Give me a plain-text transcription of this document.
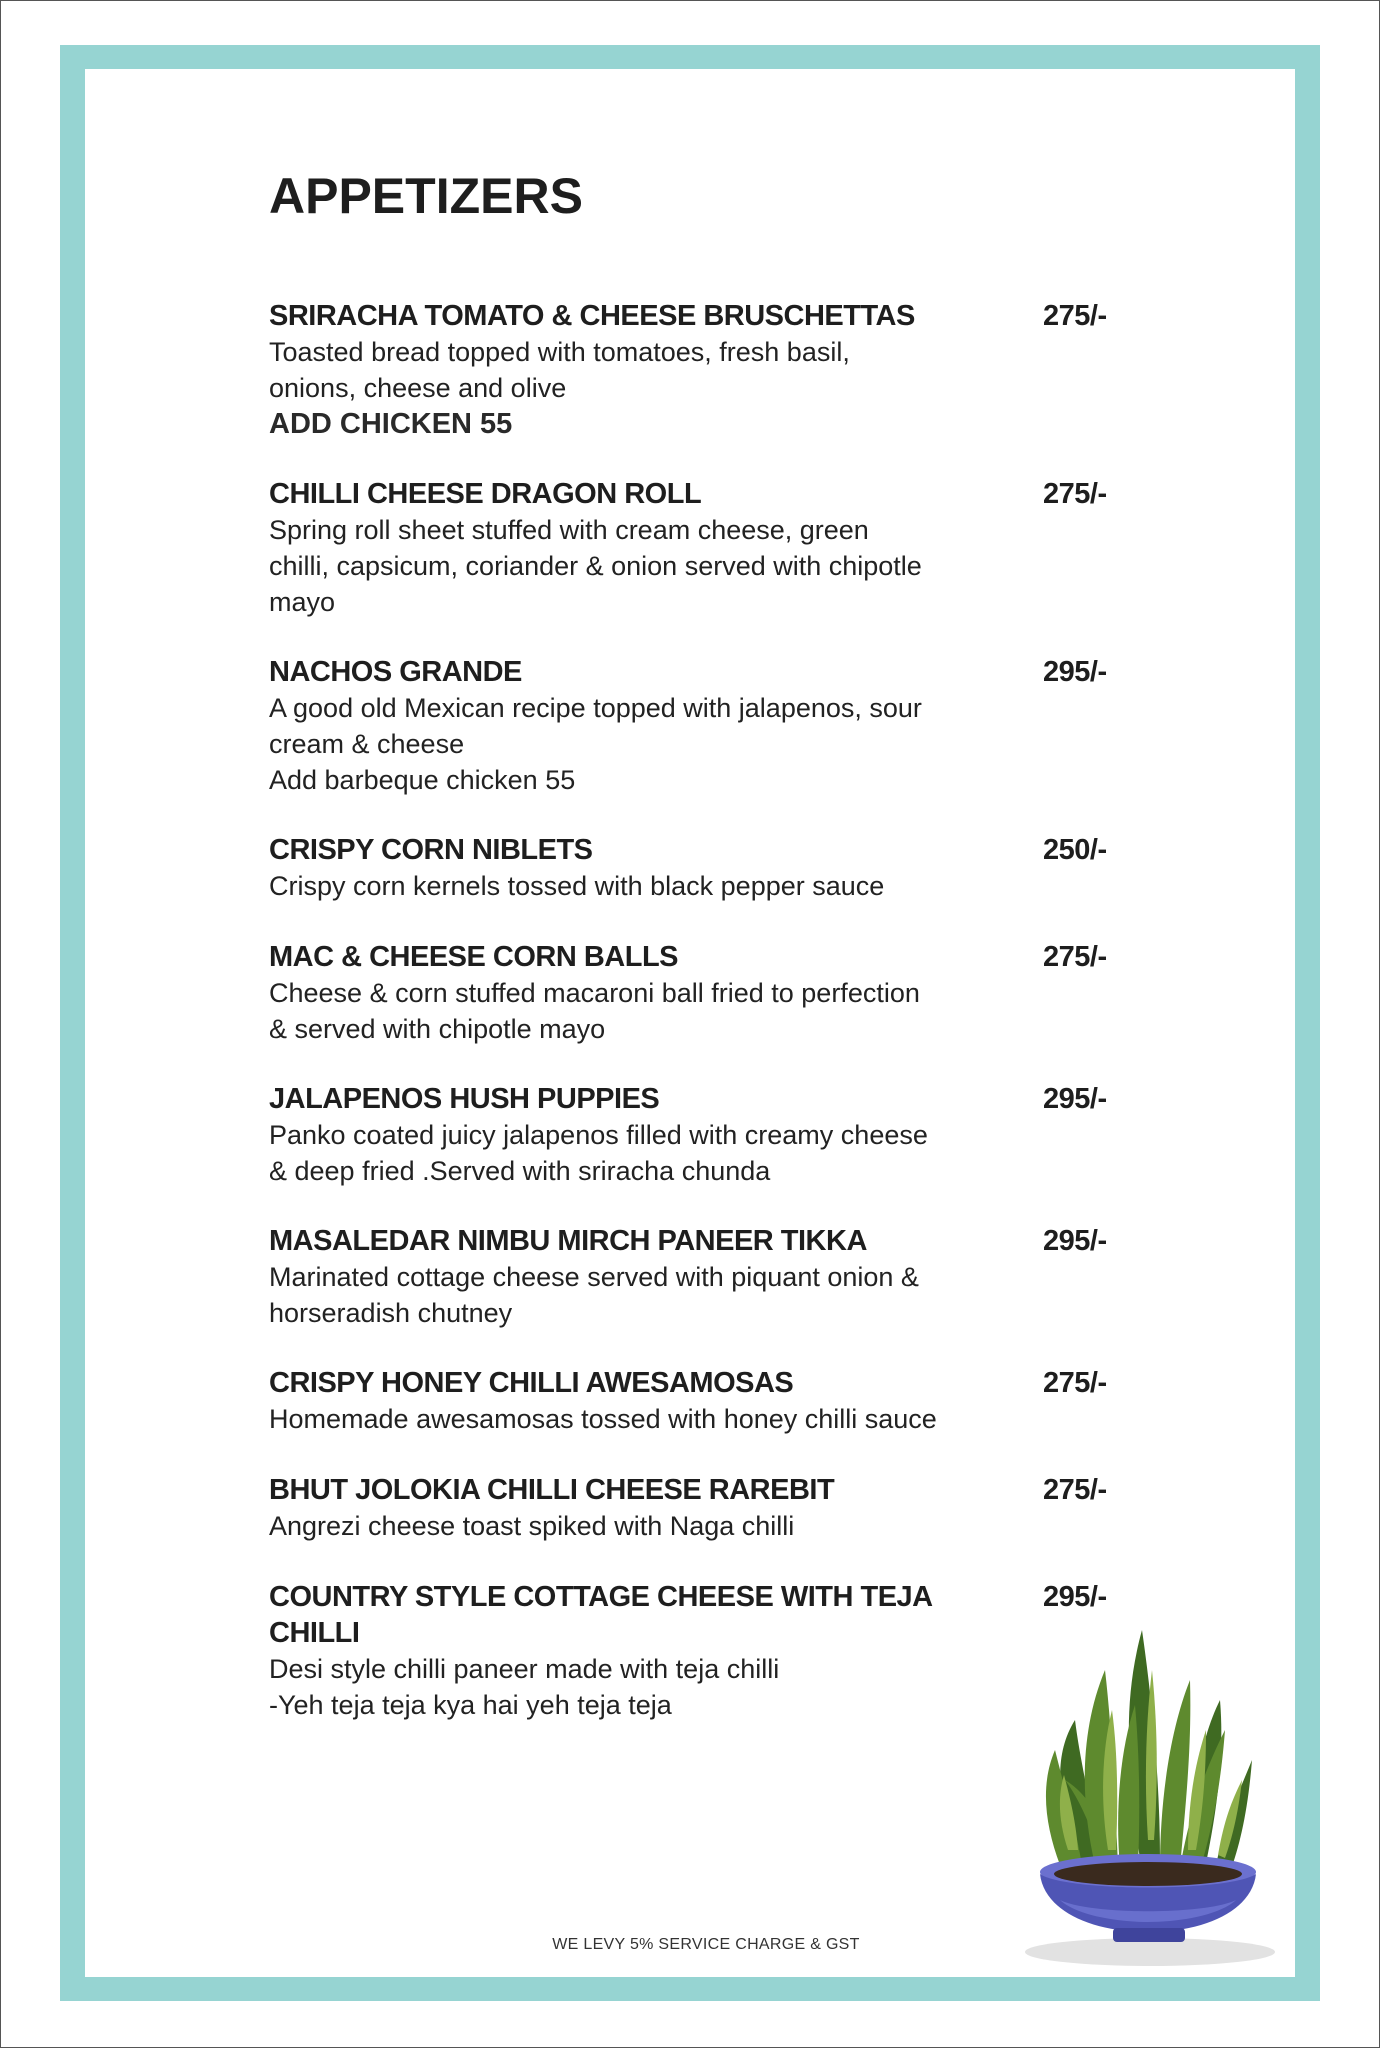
APPETIZERS
SRIRACHA TOMATO & CHEESE BRUSCHETTAS	275/-
Toasted bread topped with tomatoes, fresh basil,
onions, cheese and olive
ADD CHICKEN 55
CHILLI CHEESE DRAGON ROLL	275/-
Spring roll sheet stuffed with cream cheese, green
chilli, capsicum, coriander & onion served with chipotle
mayo
NACHOS GRANDE	295/-
A good old Mexican recipe topped with jalapenos, sour
cream & cheese
Add barbeque chicken 55
CRISPY CORN NIBLETS	250/-
Crispy corn kernels tossed with black pepper sauce
MAC & CHEESE CORN BALLS	275/-
Cheese & corn stuffed macaroni ball fried to perfection
& served with chipotle mayo
JALAPENOS HUSH PUPPIES	295/-
Panko coated juicy jalapenos filled with creamy cheese
& deep fried .Served with sriracha chunda
MASALEDAR NIMBU MIRCH PANEER TIKKA	295/-
Marinated cottage cheese served with piquant onion &
horseradish chutney
CRISPY HONEY CHILLI AWESAMOSAS	275/-
Homemade awesamosas tossed with honey chilli sauce
BHUT JOLOKIA CHILLI CHEESE RAREBIT	275/-
Angrezi cheese toast spiked with Naga chilli
COUNTRY STYLE COTTAGE CHEESE WITH TEJA CHILLI
295/-
Desi style chilli paneer made with teja chilli
-Yeh teja teja kya hai yeh teja teja
WE LEVY 5% SERVICE CHARGE & GST
